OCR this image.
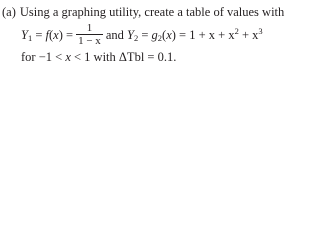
(a) Using a graphing utility, create a table of values with
$Y_1 = f(x) = \frac{1}{1 - x}$ and $Y_2 = g_2(x) = 1 + x + x^2 + x^3$
for −1 < x < 1 with ΔTbl = 0.1.
